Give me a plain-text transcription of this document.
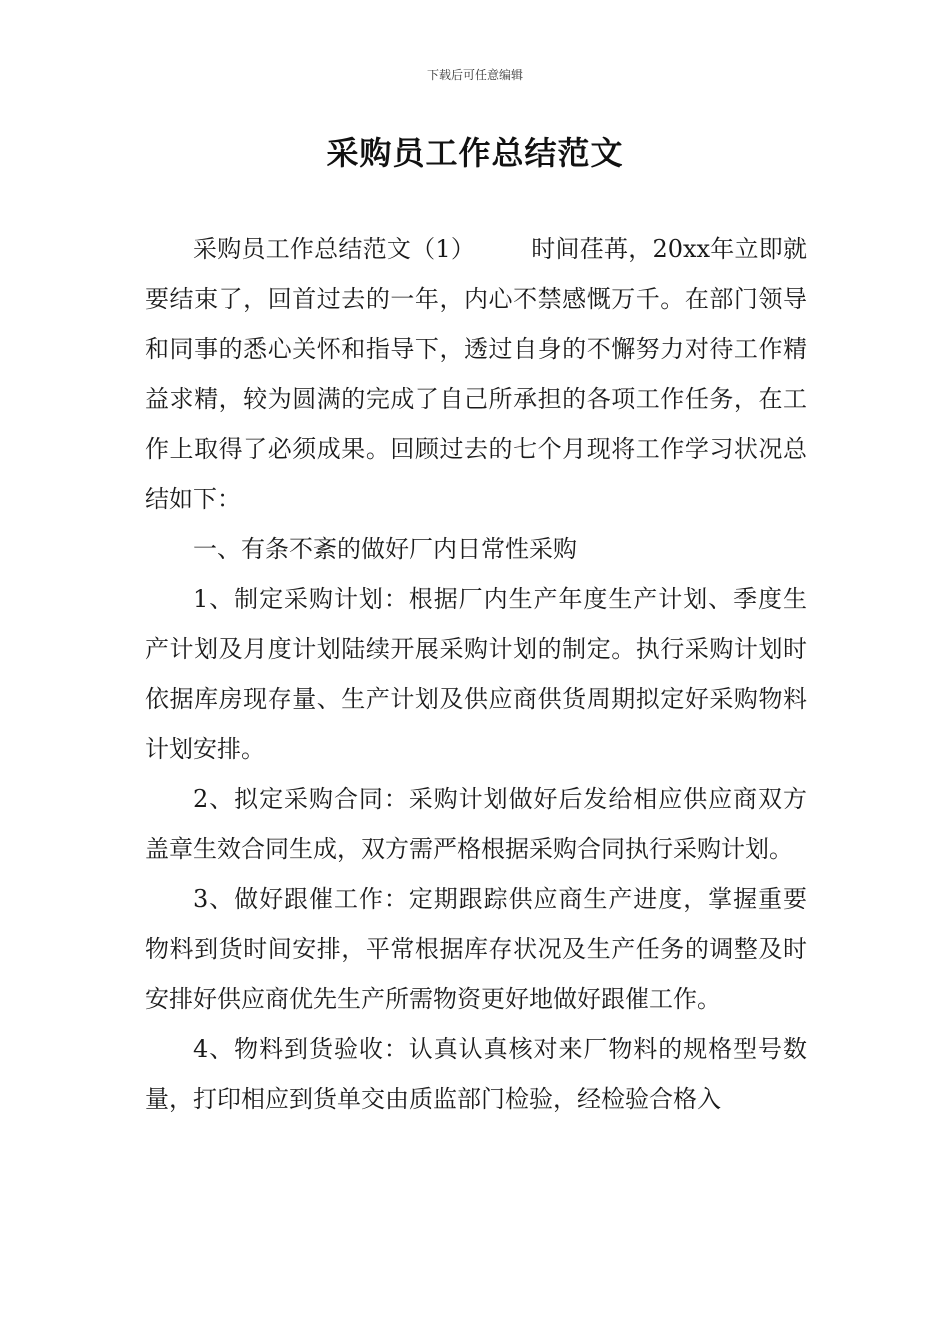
下载后可任意编辑
采购员工作总结范文

采购员工作总结范文（1） 时间荏苒，20xx年立即就要结束了，回首过去的一年，内心不禁感慨万千。在部门领导和同事的悉心关怀和指导下，透过自身的不懈努力对待工作精益求精，较为圆满的完成了自己所承担的各项工作任务，在工作上取得了必须成果。回顾过去的七个月现将工作学习状况总结如下：

一、有条不紊的做好厂内日常性采购

1、制定采购计划：根据厂内生产年度生产计划、季度生产计划及月度计划陆续开展采购计划的制定。执行采购计划时依据库房现存量、生产计划及供应商供货周期拟定好采购物料计划安排。

2、拟定采购合同：采购计划做好后发给相应供应商双方盖章生效合同生成，双方需严格根据采购合同执行采购计划。

3、做好跟催工作：定期跟踪供应商生产进度，掌握重要物料到货时间安排，平常根据库存状况及生产任务的调整及时安排好供应商优先生产所需物资更好地做好跟催工作。

4、物料到货验收：认真认真核对来厂物料的规格型号数量，打印相应到货单交由质监部门检验，经检验合格入
